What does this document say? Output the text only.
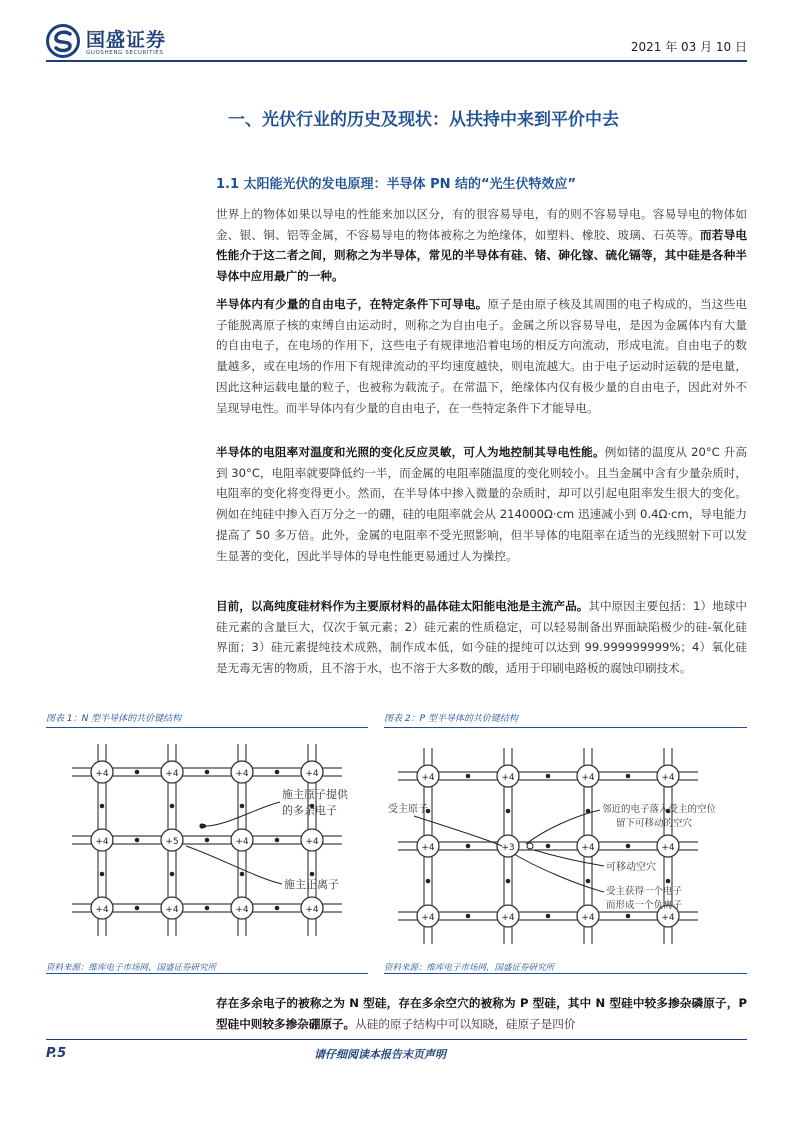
国盛证券
GUOSHENG SECURITIES	2021 年 03 月 10 日
一、光伏行业的历史及现状：从扶持中来到平价中去
1.1 太阳能光伏的发电原理：半导体 PN 结的“光生伏特效应”

世界上的物体如果以导电的性能来加以区分，有的很容易导电，有的则不容易导电。容易导电的物体如金、银、铜、铝等金属，不容易导电的物体被称之为绝缘体，如塑料、橡胶、玻璃、石英等。而若导电性能介于这二者之间，则称之为半导体，常见的半导体有硅、锗、砷化镓、硫化镉等，其中硅是各种半导体中应用最广的一种。

半导体内有少量的自由电子，在特定条件下可导电。原子是由原子核及其周围的电子构成的，当这些电子能脱离原子核的束缚自由运动时，则称之为自由电子。金属之所以容易导电，是因为金属体内有大量的自由电子，在电场的作用下，这些电子有规律地沿着电场的相反方向流动，形成电流。自由电子的数量越多，或在电场的作用下有规律流动的平均速度越快，则电流越大。由于电子运动时运载的是电量，因此这种运载电量的粒子，也被称为载流子。在常温下，绝缘体内仅有极少量的自由电子，因此对外不呈现导电性。而半导体内有少量的自由电子，在一些特定条件下才能导电。

半导体的电阻率对温度和光照的变化反应灵敏，可人为地控制其导电性能。例如锗的温度从 20°C 升高到 30°C，电阻率就要降低约一半，而金属的电阻率随温度的变化则较小。且当金属中含有少量杂质时，电阻率的变化将变得更小。然而，在半导体中掺入微量的杂质时，却可以引起电阻率发生很大的变化。例如在纯硅中掺入百万分之一的硼，硅的电阻率就会从 214000Ω·cm 迅速减小到 0.4Ω·cm，导电能力提高了 50 多万倍。此外，金属的电阻率不受光照影响，但半导体的电阻率在适当的光线照射下可以发生显著的变化，因此半导体的导电性能更易通过人为操控。

目前，以高纯度硅材料作为主要原材料的晶体硅太阳能电池是主流产品。其中原因主要包括：1）地球中硅元素的含量巨大，仅次于氧元素；2）硅元素的性质稳定，可以轻易制备出界面缺陷极少的硅-氧化硅界面；3）硅元素提纯技术成熟，制作成本低，如今硅的提纯可以达到 99.999999999%；4）氧化硅是无毒无害的物质，且不溶于水，也不溶于大多数的酸，适用于印刷电路板的腐蚀印刷技术。

图表 1：N 型半导体的共价键结构
+4	+4	+4	+4
+4	+5	+4	+4
+4	+4	+4	+4
施主原子提供
的多余电子
施主正离子
资料来源：维库电子市场网，国盛证券研究所
图表 2：P 型半导体的共价键结构
+4	+4	+4	+4
+4	+3	+4	+4
+4	+4	+4	+4
受主原子	邻近的电子落入受主的空位
留下可移动的空穴
可移动空穴
受主获得一个电子
而形成一个负离子
资料来源：维库电子市场网，国盛证券研究所

存在多余电子的被称之为 N 型硅，存在多余空穴的被称为 P 型硅，其中 N 型硅中较多掺杂磷原子，P 型硅中则较多掺杂硼原子。从硅的原子结构中可以知晓，硅原子是四价

P.5	请仔细阅读本报告末页声明
